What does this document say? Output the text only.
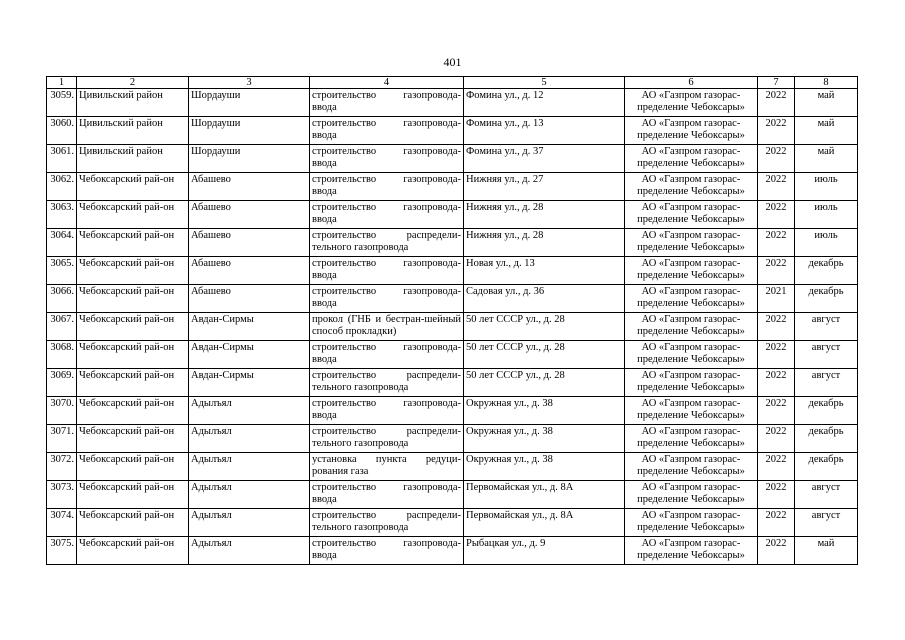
401
1	2	3	4	5	6	7	8
3059.	Цивильский район	Шордауши	строительство газопровода-ввода	Фомина ул., д. 12	АО «Газпром газорас-пределение Чебоксары»	2022	май
3060.	Цивильский район	Шордауши	строительство газопровода-ввода	Фомина ул., д. 13	АО «Газпром газорас-пределение Чебоксары»	2022	май
3061.	Цивильский район	Шордауши	строительство газопровода-ввода	Фомина ул., д. 37	АО «Газпром газорас-пределение Чебоксары»	2022	май
3062.	Чебоксарский рай-он	Абашево	строительство газопровода-ввода	Нижняя ул., д. 27	АО «Газпром газорас-пределение Чебоксары»	2022	июль
3063.	Чебоксарский рай-он	Абашево	строительство газопровода-ввода	Нижняя ул., д. 28	АО «Газпром газорас-пределение Чебоксары»	2022	июль
3064.	Чебоксарский рай-он	Абашево	строительство распредели-тельного газопровода	Нижняя ул., д. 28	АО «Газпром газорас-пределение Чебоксары»	2022	июль
3065.	Чебоксарский рай-он	Абашево	строительство газопровода-ввода	Новая ул., д. 13	АО «Газпром газорас-пределение Чебоксары»	2022	декабрь
3066.	Чебоксарский рай-он	Абашево	строительство газопровода-ввода	Садовая ул., д. 36	АО «Газпром газорас-пределение Чебоксары»	2021	декабрь
3067.	Чебоксарский рай-он	Авдан-Сирмы	прокол (ГНБ и бестран-шейный способ прокладки)	50 лет СССР ул., д. 28	АО «Газпром газорас-пределение Чебоксары»	2022	август
3068.	Чебоксарский рай-он	Авдан-Сирмы	строительство газопровода-ввода	50 лет СССР ул., д. 28	АО «Газпром газорас-пределение Чебоксары»	2022	август
3069.	Чебоксарский рай-он	Авдан-Сирмы	строительство распредели-тельного газопровода	50 лет СССР ул., д. 28	АО «Газпром газорас-пределение Чебоксары»	2022	август
3070.	Чебоксарский рай-он	Адылъял	строительство газопровода-ввода	Окружная ул., д. 38	АО «Газпром газорас-пределение Чебоксары»	2022	декабрь
3071.	Чебоксарский рай-он	Адылъял	строительство распредели-тельного газопровода	Окружная ул., д. 38	АО «Газпром газорас-пределение Чебоксары»	2022	декабрь
3072.	Чебоксарский рай-он	Адылъял	установка пункта редуци-рования газа	Окружная ул., д. 38	АО «Газпром газорас-пределение Чебоксары»	2022	декабрь
3073.	Чебоксарский рай-он	Адылъял	строительство газопровода-ввода	Первомайская ул., д. 8А	АО «Газпром газорас-пределение Чебоксары»	2022	август
3074.	Чебоксарский рай-он	Адылъял	строительство распредели-тельного газопровода	Первомайская ул., д. 8А	АО «Газпром газорас-пределение Чебоксары»	2022	август
3075.	Чебоксарский рай-он	Адылъял	строительство газопровода-ввода	Рыбацкая ул., д. 9	АО «Газпром газорас-пределение Чебоксары»	2022	май
